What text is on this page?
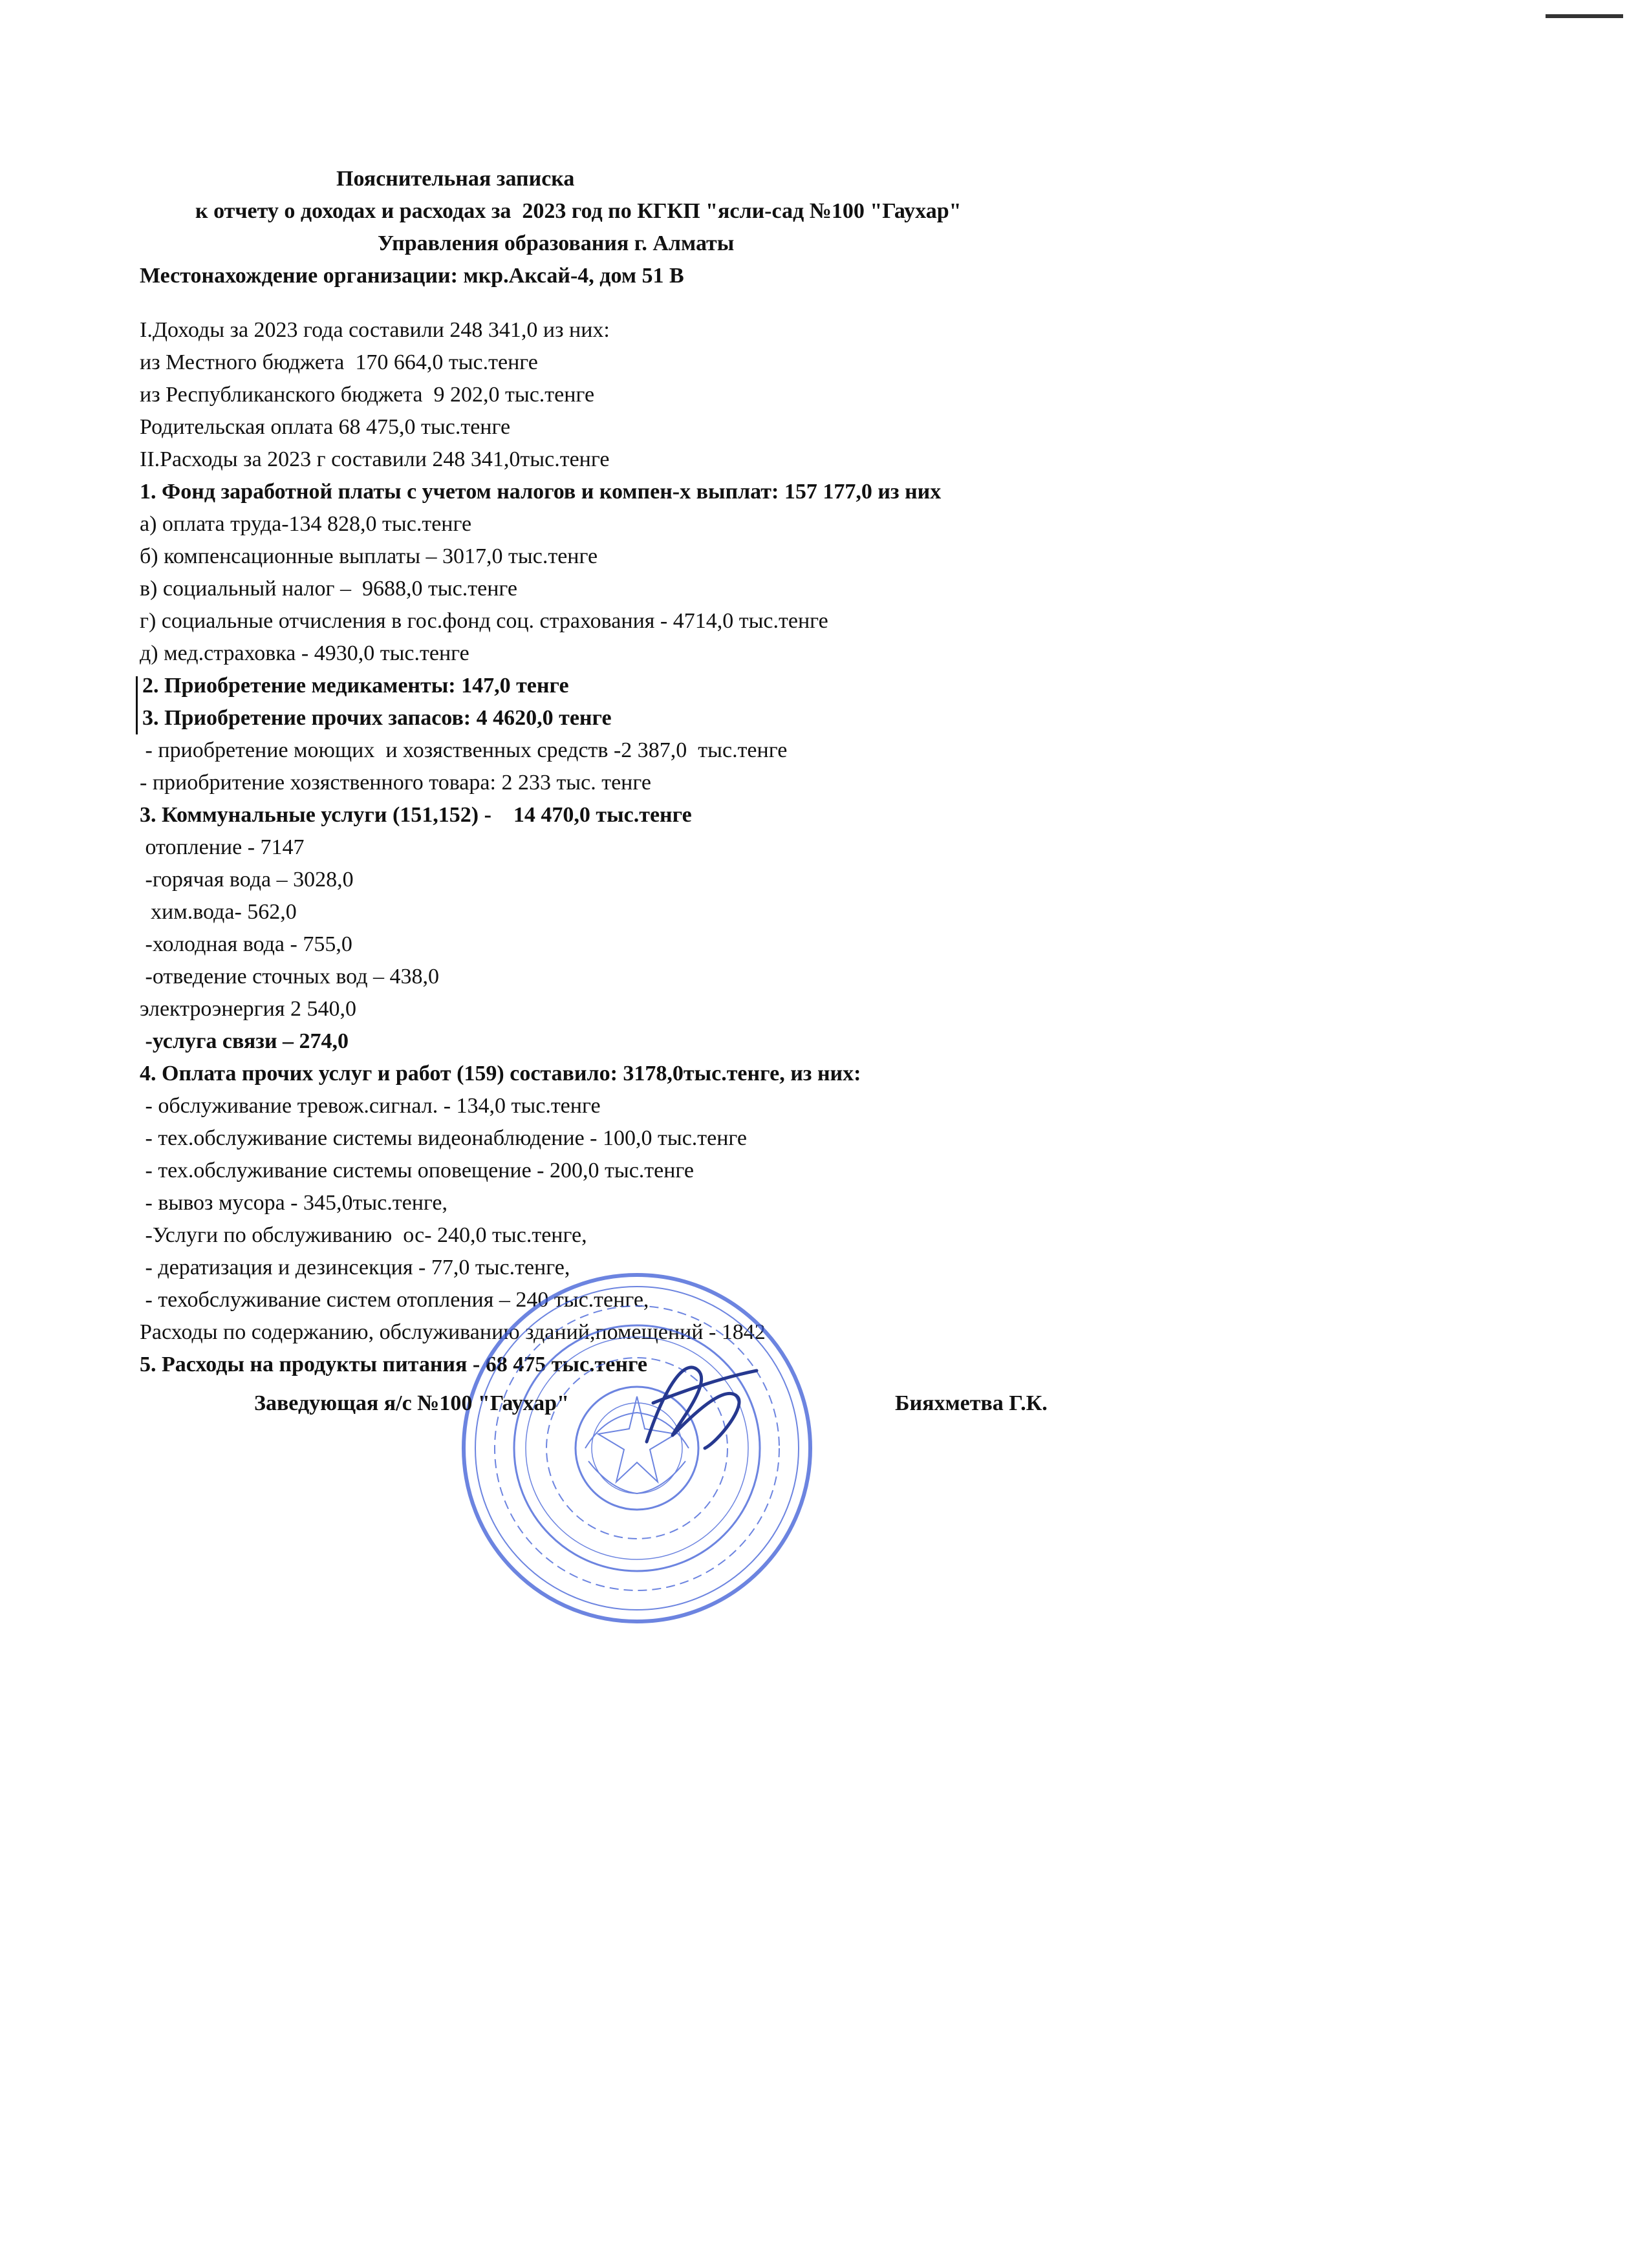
Пояснительная записка
к отчету о доходах и расходах за  2023 год по КГКП "ясли-сад №100 "Гаухар"
Управления образования г. Алматы
Местонахождение организации: мкр.Аксай-4, дом 51 В
I.Доходы за 2023 года составили 248 341,0 из них:
из Местного бюджета  170 664,0 тыс.тенге
из Республиканского бюджета  9 202,0 тыс.тенге
Родительская оплата 68 475,0 тыс.тенге
II.Расходы за 2023 г составили 248 341,0тыс.тенге
1. Фонд заработной платы с учетом налогов и компен-х выплат: 157 177,0 из них
а) оплата труда-134 828,0 тыс.тенге
б) компенсационные выплаты – 3017,0 тыс.тенге
в) социальный налог –  9688,0 тыс.тенге
г) социальные отчисления в гос.фонд соц. страхования - 4714,0 тыс.тенге
д) мед.страховка - 4930,0 тыс.тенге
2. Приобретение медикаменты: 147,0 тенге
3. Приобретение прочих запасов: 4 4620,0 тенге
- приобретение моющих  и хозяственных средств -2 387,0  тыс.тенге
- приобритение хозяственного товара: 2 233 тыс. тенге
3. Коммунальные услуги (151,152) -    14 470,0 тыс.тенге
отопление - 7147
-горячая вода – 3028,0
хим.вода- 562,0
-холодная вода - 755,0
-отведение сточных вод – 438,0
электроэнергия 2 540,0
-услуга связи – 274,0
4. Оплата прочих услуг и работ (159) составило: 3178,0тыс.тенге, из них:
- обслуживание тревож.сигнал. - 134,0 тыс.тенге
- тех.обслуживание системы видеонаблюдение - 100,0 тыс.тенге
- тех.обслуживание системы оповещение - 200,0 тыс.тенге
- вывоз мусора - 345,0тыс.тенге,
-Услуги по обслуживанию  ос- 240,0 тыс.тенге,
- дератизация и дезинсекция - 77,0 тыс.тенге,
- техобслуживание систем отопления – 240 тыс.тенге,
Расходы по содержанию, обслуживанию зданий,помещений - 1842
5. Расходы на продукты питания - 68 475 тыс.тенге
Заведующая я/с №100 "Гаухар"	Бияхметва Г.К.
